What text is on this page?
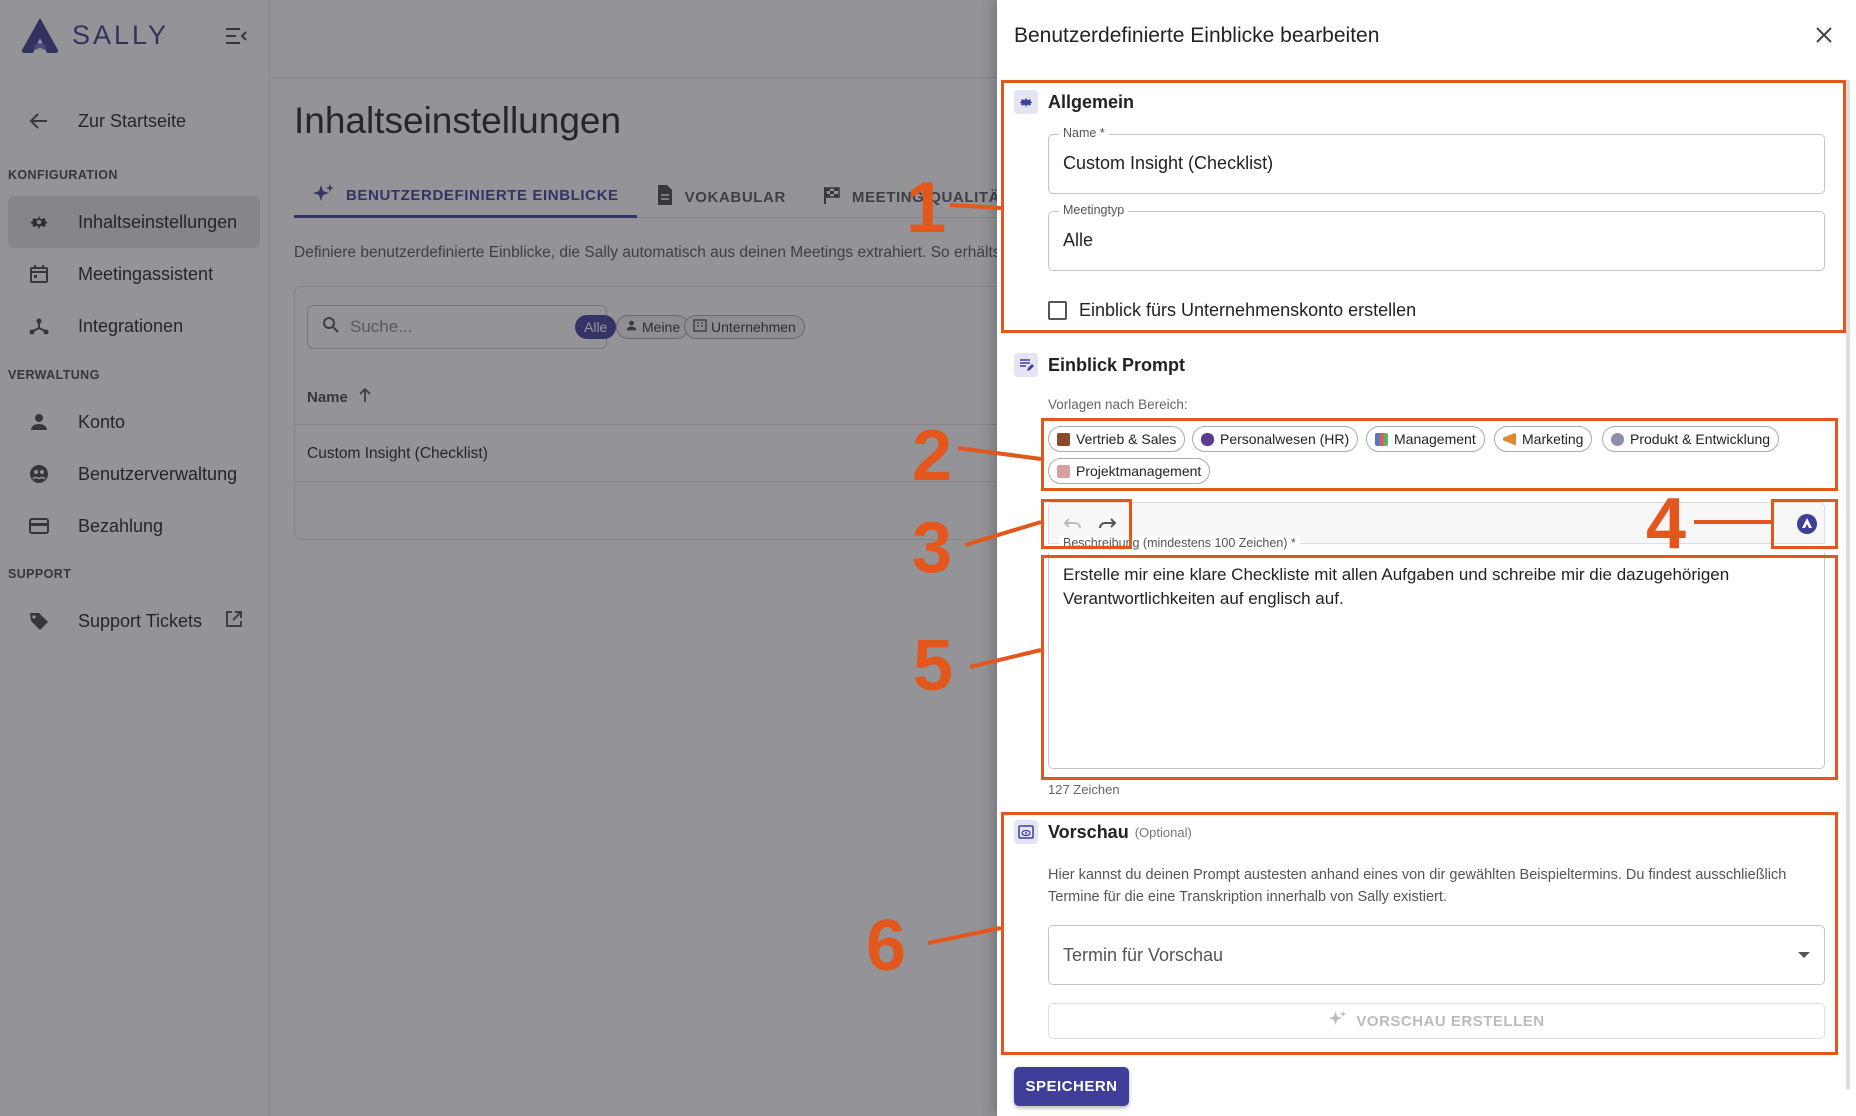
Benutzerdefinierte Einblicke bearbeiten
Allgemein
Name *
Custom Insight (Checklist)
Meetingtyp
Alle
Einblick fürs Unternehmenskonto erstellen
Einblick Prompt
Vorlagen nach Bereich:
Vertrieb & Sales	Personalwesen (HR)	Management	Marketing	Produkt & Entwicklung
Projektmanagement
Beschreibung (mindestens 100 Zeichen) *
Erstelle mir eine klare Checkliste mit allen Aufgaben und schreibe mir die dazugehörigen Verantwortlichkeiten auf englisch auf.
127 Zeichen
Vorschau (Optional)
Hier kannst du deinen Prompt austesten anhand eines von dir gewählten Beispieltermins. Du findest ausschließlich Termine für die eine Transkription innerhalb von Sally existiert.
Termin für Vorschau
VORSCHAU ERSTELLEN
SPEICHERN
1
2
3	4
5
6
